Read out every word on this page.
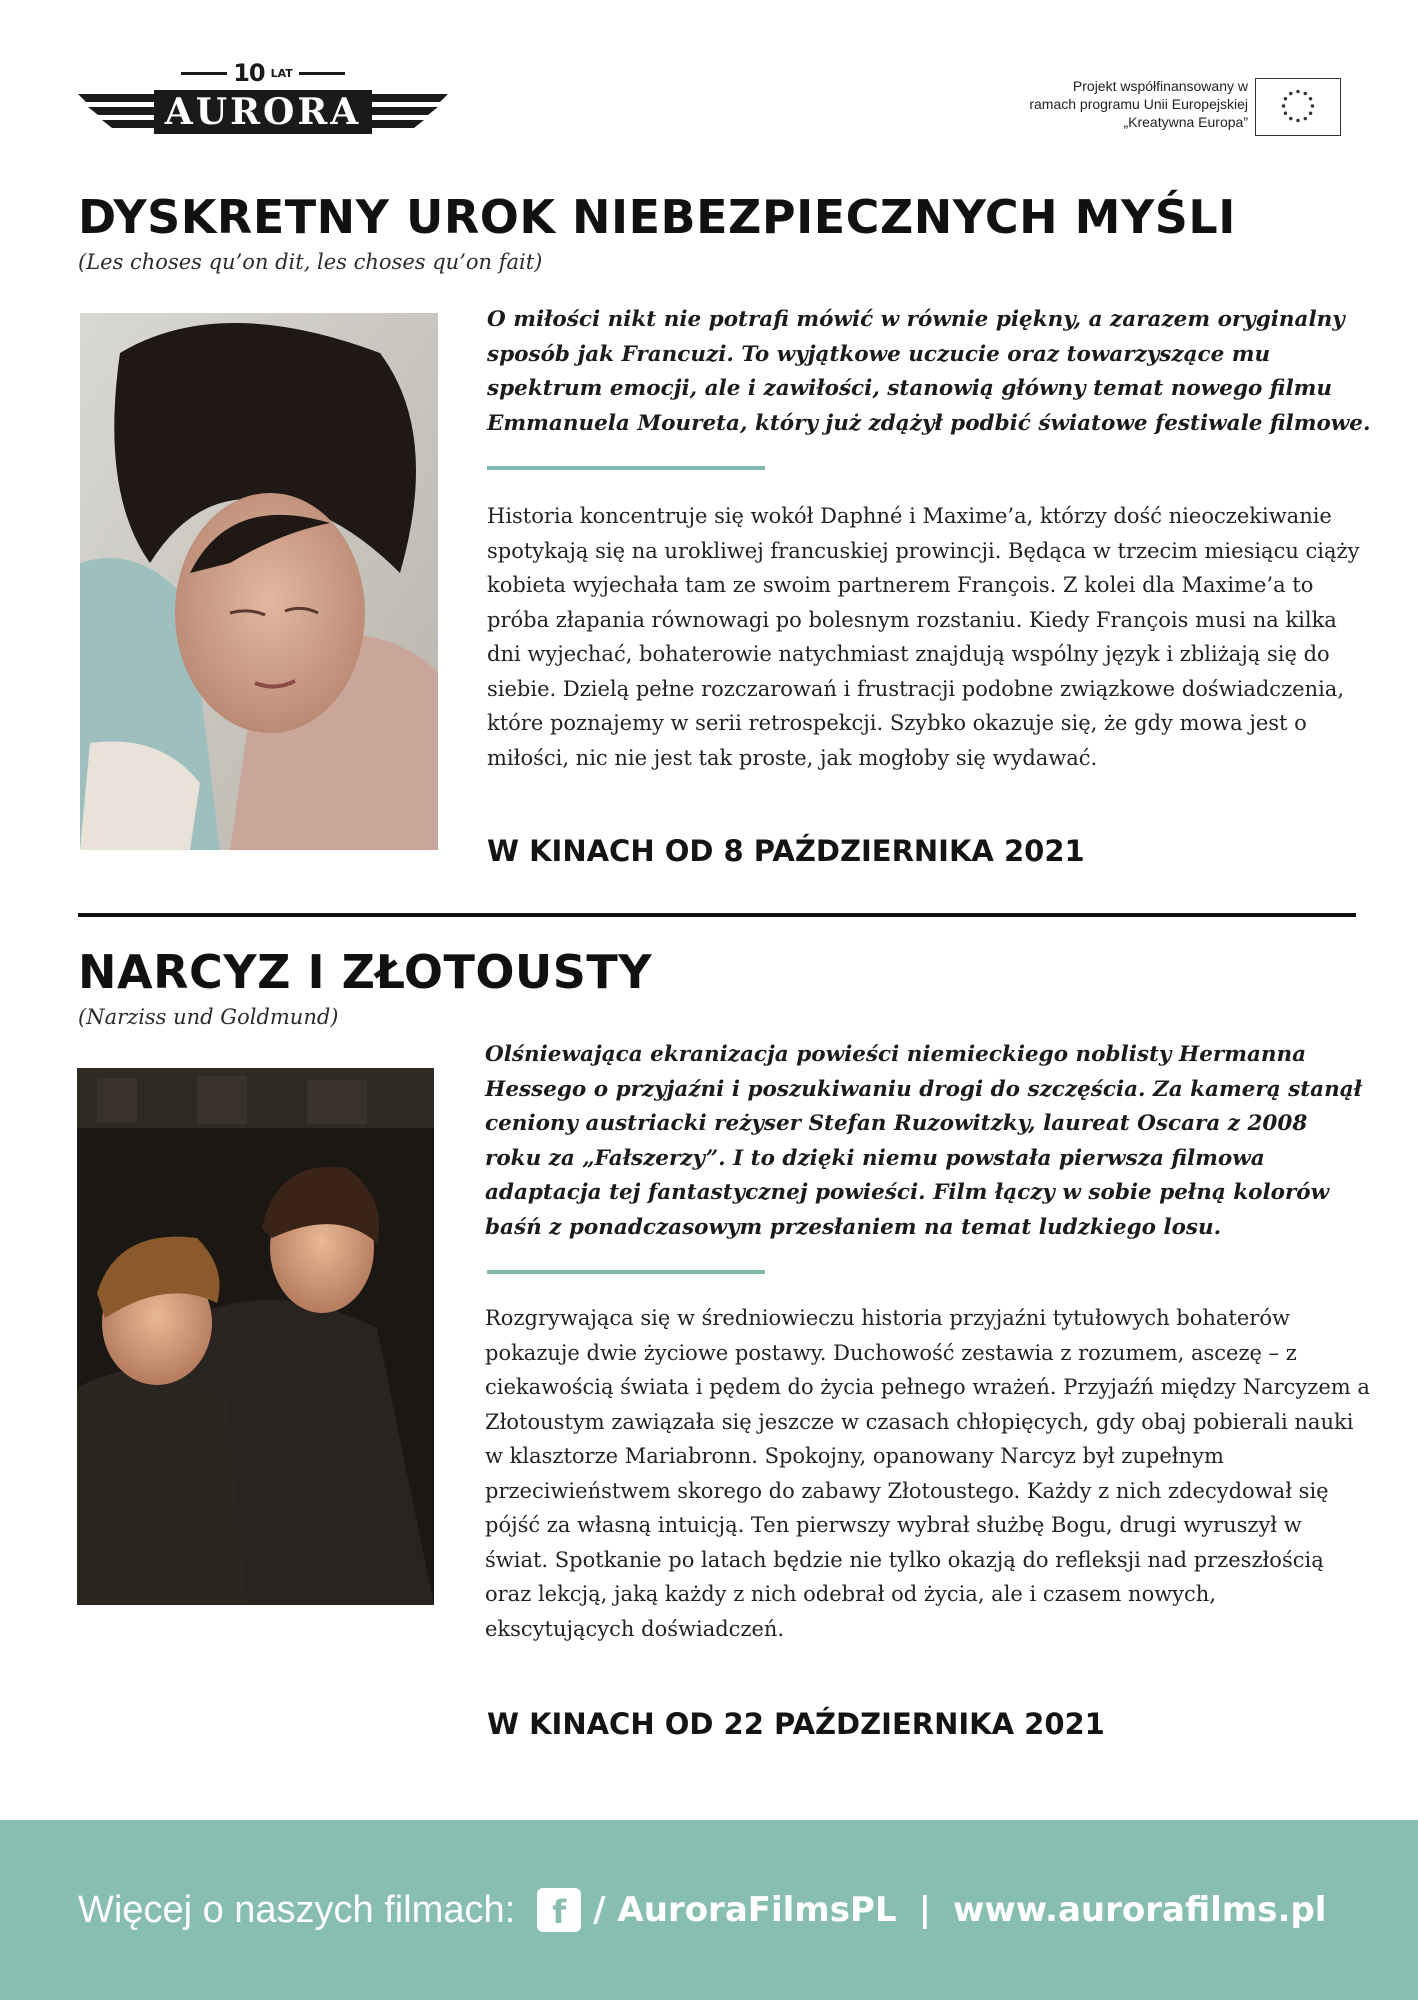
10 LAT
AURORA
Projekt współfinansowany w
ramach programu Unii Europejskiej
„Kreatywna Europa”
DYSKRETNY UROK NIEBEZPIECZNYCH MYŚLI
(Les choses qu’on dit, les choses qu’on fait)

O miłości nikt nie potrafi mówić w równie piękny, a zarazem oryginalny sposób jak Francuzi. To wyjątkowe uczucie oraz towarzyszące mu spektrum emocji, ale i zawiłości, stanowią główny temat nowego filmu Emmanuela Moureta, który już zdążył podbić światowe festiwale filmowe.

Historia koncentruje się wokół Daphné i Maxime’a, którzy dość nieoczekiwanie spotykają się na urokliwej francuskiej prowincji. Będąca w trzecim miesiącu ciąży kobieta wyjechała tam ze swoim partnerem François. Z kolei dla Maxime’a to próba złapania równowagi po bolesnym rozstaniu. Kiedy François musi na kilka dni wyjechać, bohaterowie natychmiast znajdują wspólny język i zbliżają się do siebie. Dzielą pełne rozczarowań i frustracji podobne związkowe doświadczenia, które poznajemy w serii retrospekcji. Szybko okazuje się, że gdy mowa jest o miłości, nic nie jest tak proste, jak mogłoby się wydawać.

W KINACH OD 8 PAŹDZIERNIKA 2021
NARCYZ I ZŁOTOUSTY
(Narziss und Goldmund)

Olśniewająca ekranizacja powieści niemieckiego noblisty Hermanna Hessego o przyjaźni i poszukiwaniu drogi do szczęścia. Za kamerą stanął ceniony austriacki reżyser Stefan Ruzowitzky, laureat Oscara z 2008 roku za „Fałszerzy”. I to dzięki niemu powstała pierwsza filmowa adaptacja tej fantastycznej powieści. Film łączy w sobie pełną kolorów baśń z ponadczasowym przesłaniem na temat ludzkiego losu.

Rozgrywająca się w średniowieczu historia przyjaźni tytułowych bohaterów pokazuje dwie życiowe postawy. Duchowość zestawia z rozumem, ascezę – z ciekawością świata i pędem do życia pełnego wrażeń. Przyjaźń między Narcyzem a Złotoustym zawiązała się jeszcze w czasach chłopięcych, gdy obaj pobierali nauki w klasztorze Mariabronn. Spokojny, opanowany Narcyz był zupełnym przeciwieństwem skorego do zabawy Złotoustego. Każdy z nich zdecydował się pójść za własną intuicją. Ten pierwszy wybrał służbę Bogu, drugi wyruszył w świat. Spotkanie po latach będzie nie tylko okazją do refleksji nad przeszłością oraz lekcją, jaką każdy z nich odebrał od życia, ale i czasem nowych, ekscytujących doświadczeń.

W KINACH OD 22 PAŹDZIERNIKA 2021
Więcej o naszych filmach:	f / AuroraFilmsPL | www.aurorafilms.pl
